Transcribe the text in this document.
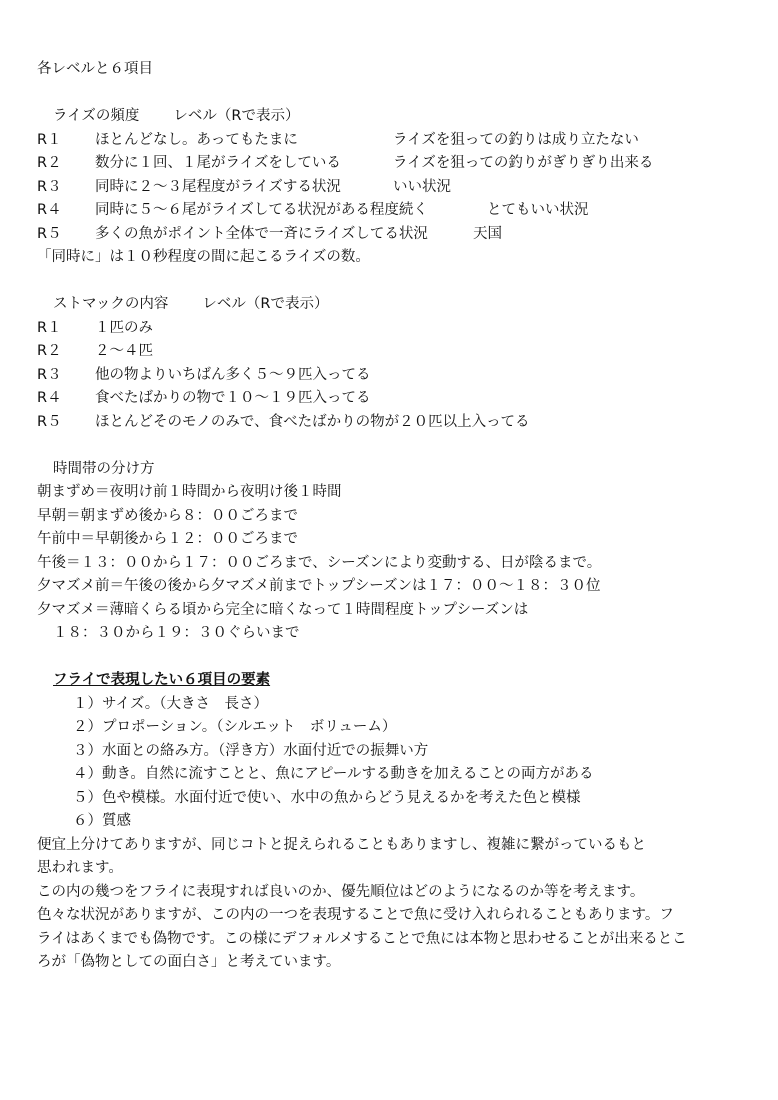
各レベルと６項目
ライズの頻度 レベル（Rで表示）
R１	ほとんどなし。あってもたまに	ライズを狙っての釣りは成り立たない
R２	数分に１回、１尾がライズをしている	ライズを狙っての釣りがぎりぎり出来る
R３	同時に２〜３尾程度がライズする状況	いい状況
R４	同時に５〜６尾がライズしてる状況がある程度続く	とてもいい状況
R５	多くの魚がポイント全体で一斉にライズしてる状況	天国
「同時に」は１０秒程度の間に起こるライズの数。
ストマックの内容 レベル（Rで表示）
R１	１匹のみ
R２	２〜４匹
R３	他の物よりいちばん多く５〜９匹入ってる
R４	食べたばかりの物で１０〜１９匹入ってる
R５	ほとんどそのモノのみで、食べたばかりの物が２０匹以上入ってる
時間帯の分け方
朝まずめ＝夜明け前１時間から夜明け後１時間
早朝＝朝まずめ後から８：００ごろまで
午前中＝早朝後から１２：００ごろまで
午後＝１３：００から１７：００ごろまで、シーズンにより変動する、日が陰るまで。
夕マズメ前＝午後の後から夕マズメ前までトップシーズンは１７：００〜１８：３０位
夕マズメ＝薄暗くらる頃から完全に暗くなって１時間程度トップシーズンは
１８：３０から１９：３０ぐらいまで
フライで表現したい６項目の要素
１）サイズ。（大きさ　長さ）
２）プロポーション。（シルエット　ボリューム）
３）水面との絡み方。（浮き方）水面付近での振舞い方
４）動き。自然に流すことと、魚にアピールする動きを加えることの両方がある
５）色や模様。水面付近で使い、水中の魚からどう見えるかを考えた色と模様
６）質感
便宜上分けてありますが、同じコトと捉えられることもありますし、複雑に繋がっているもと
思われます。
この内の幾つをフライに表現すれば良いのか、優先順位はどのようになるのか等を考えます。
色々な状況がありますが、この内の一つを表現することで魚に受け入れられることもあります。フ
ライはあくまでも偽物です。この様にデフォルメすることで魚には本物と思わせることが出来るとこ
ろが「偽物としての面白さ」と考えています。
